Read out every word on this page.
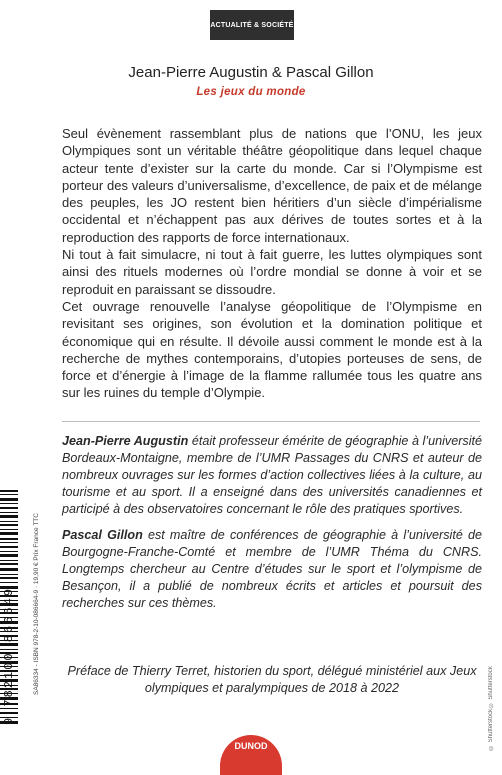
ACTUALITÉ & SOCIÉTÉ
Jean-Pierre Augustin & Pascal Gillon
Les jeux du monde

Seul évènement rassemblant plus de nations que l’ONU, les jeux Olympiques sont un véritable théâtre géopolitique dans lequel chaque acteur tente d’exister sur la carte du monde. Car si l’Olympisme est porteur des valeurs d’universalisme, d’excellence, de paix et de mélange des peuples, les JO restent bien héritiers d’un siècle d’impérialisme occidental et n’échappent pas aux dérives de toutes sortes et à la reproduction des rapports de force internationaux.

Ni tout à fait simulacre, ni tout à fait guerre, les luttes olympiques sont ainsi des rituels modernes où l’ordre mondial se donne à voir et se reproduit en paraissant se dissoudre.

Cet ouvrage renouvelle l’analyse géopolitique de l’Olympisme en revisitant ses origines, son évolution et la domination politique et économique qui en résulte. Il dévoile aussi comment le monde est à la recherche de mythes contemporains, d’utopies porteuses de sens, de force et d’énergie à l’image de la flamme rallumée tous les quatre ans sur les ruines du temple d’Olympie.

Jean-Pierre Augustin était professeur émérite de géographie à l’université Bordeaux-Montaigne, membre de l’UMR Passages du CNRS et auteur de nombreux ouvrages sur les formes d’action collectives liées à la culture, au tourisme et au sport. Il a enseigné dans des universités canadiennes et participé à des observatoires concernant le rôle des pratiques sportives.

Pascal Gillon est maître de conférences de géographie à l’université de Bourgogne-Franche-Comté et membre de l’UMR Théma du CNRS. Longtemps chercheur au Centre d’études sur le sport et l’olympisme de Besançon, il a publié de nombreux écrits et articles et poursuit des recherches sur ces thèmes.

Préface de Thierry Terret, historien du sport, délégué ministériel aux Jeux olympiques et paralympiques de 2018 à 2022
9 782100 866649	SA86334 - ISBN 978-2-10-086664-9 · 19,90 € Prix France TTC
© Shutterstock © Shutterstock
DUNOD
